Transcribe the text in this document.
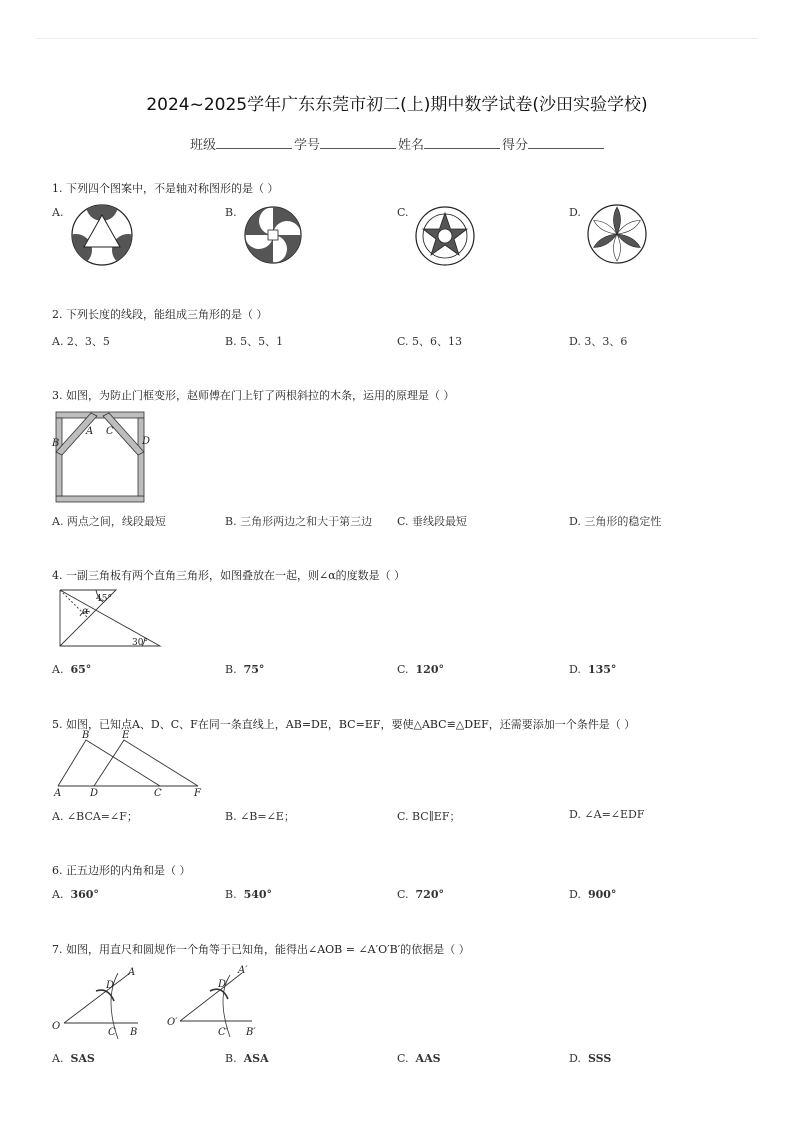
2024~2025学年广东东莞市初二(上)期中数学试卷(沙田实验学校)
班级	学号	姓名	得分
1. 下列四个图案中，不是轴对称图形的是（ ）
A.	B.	C.	D.
2. 下列长度的线段，能组成三角形的是（ ）
A. 2、3、5	B. 5、5、1	C. 5、6、13	D. 3、3、6
3. 如图，为防止门框变形，赵师傅在门上钉了两根斜拉的木条，运用的原理是（ ）
B
A C
D
A. 两点之间，线段最短	B. 三角形两边之和大于第三边 C. 垂线段最短	D. 三角形的稳定性
4. 一副三角板有两个直角三角形，如图叠放在一起，则∠α的度数是（ ）
45°
α
30°
A. 65°	B. 75°	C. 120°	D. 135°
5. 如图，已知点A、D、C、F在同一条直线上，AB=DE，BC=EF，要使△ABC≌△DEF，还需要添加一个条件是（ ）
B	E
A	D	C	F
A. ∠BCA=∠F；	B. ∠B=∠E；	C. BC∥EF；	D. ∠A=∠EDF
6. 正五边形的内角和是（ ）
A. 360°	B. 540°	C. 720°	D. 900°
7. 如图，用直尺和圆规作一个角等于已知角，能得出∠AOB = ∠A′O′B′的依据是（ ）
A
D
O
C B
A′
D′
O′
C′ B′
A. SAS	B. ASA	C. AAS	D. SSS
